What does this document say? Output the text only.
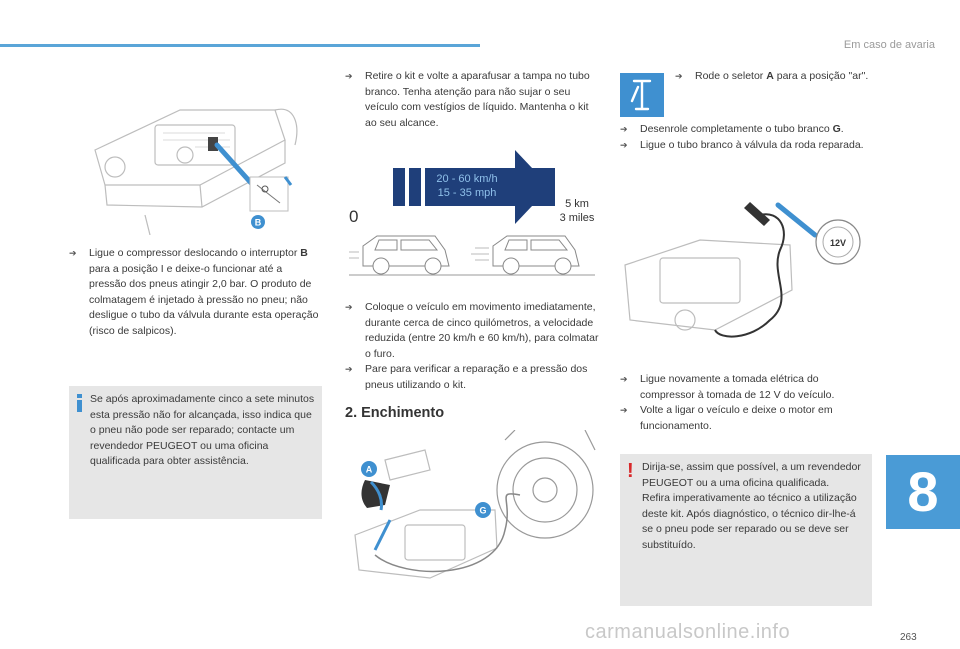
Em caso de avaria
B
➔ Ligue o compressor deslocando o interruptor B para a posição I e deixe-o funcionar até a pressão dos pneus atingir 2,0 bar. O produto de colmatagem é injetado à pressão no pneu; não desligue o tubo da válvula durante esta operação (risco de salpicos).
Se após aproximadamente cinco a sete minutos esta pressão não for alcançada, isso indica que o pneu não pode ser reparado; contacte um revendedor PEUGEOT ou uma oficina qualificada para obter assistência.
➔ Retire o kit e volte a aparafusar a tampa no tubo branco. Tenha atenção para não sujar o seu veículo com vestígios de líquido. Mantenha o kit ao seu alcance.
20 - 60 km/h
15 - 35 mph
0
5 km
3 miles
➔ Coloque o veículo em movimento imediatamente, durante cerca de cinco quilómetros, a velocidade reduzida (entre 20 km/h e 60 km/h), para colmatar o furo.
➔ Pare para verificar a reparação e a pressão dos pneus utilizando o kit.
2. Enchimento
A
G
➔ Rode o seletor A para a posição "ar".
➔ Desenrole completamente o tubo branco G.
➔ Ligue o tubo branco à válvula da roda reparada.
12V
➔ Ligue novamente a tomada elétrica do compressor à tomada de 12 V do veículo.
➔ Volte a ligar o veículo e deixe o motor em funcionamento.
! Dirija-se, assim que possível, a um revendedor PEUGEOT ou a uma oficina qualificada.
Refira imperativamente ao técnico a utilização deste kit. Após diagnóstico, o técnico dir-lhe-á se o pneu pode ser reparado ou se deve ser substituído.
8
263
carmanualsonline.info
